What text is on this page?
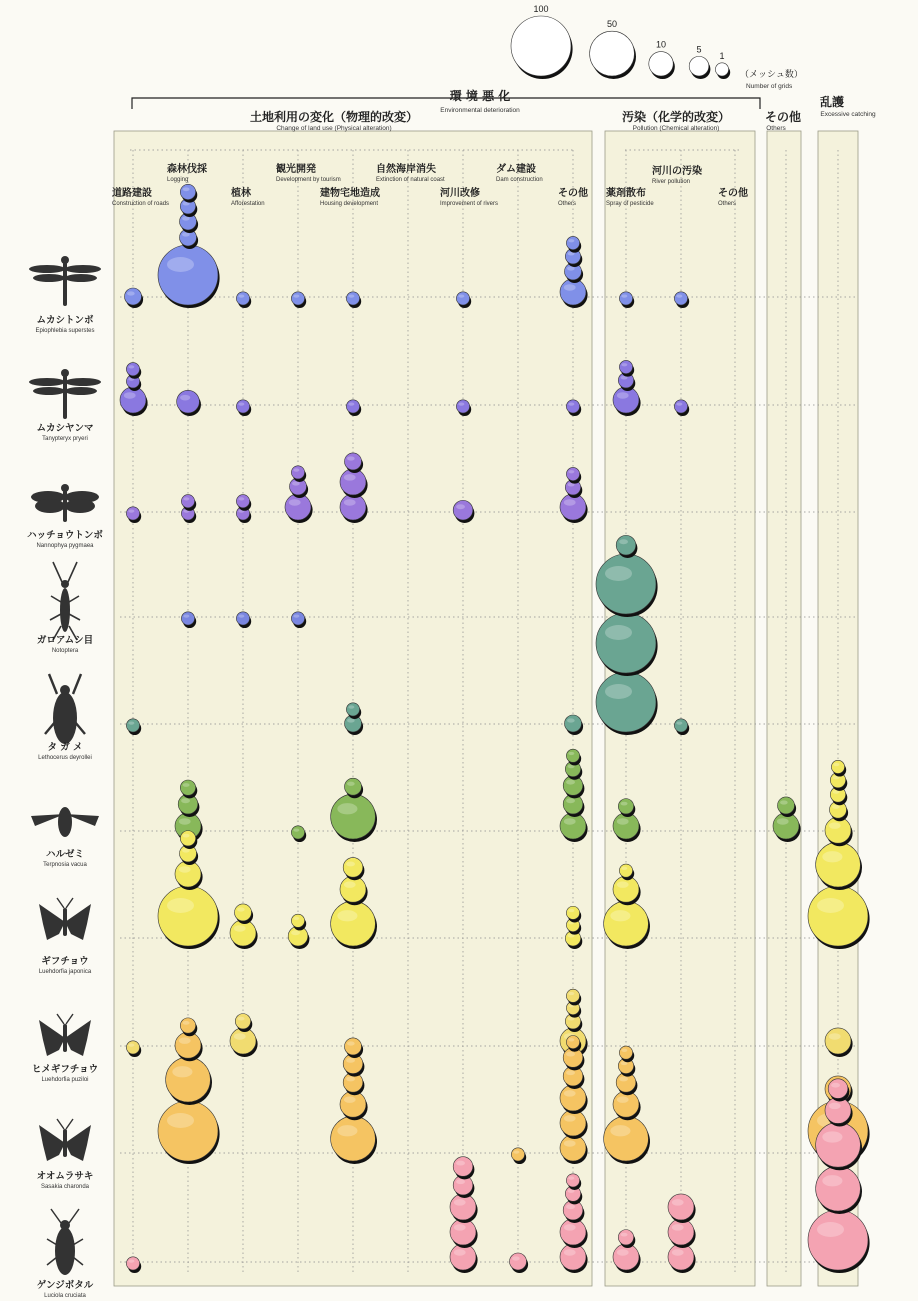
環 境 悪 化
Environmental deterioration
土地利用の変化（物理的改変）
Change of land use (Physical alteration)
汚染（化学的改変）
Pollution (Chemical alteration)
その他
Others
乱護
Excessive catching
道路建設
Construction of roads
森林伐採
Logging
植林
Afforestation
観光開発
Development by tourism
建物宅地造成
Housing development
自然海岸消失
Extinction of natural coast
河川改修
Improvement of rivers
ダム建設
Dam construction
その他
Others
薬剤散布
Spray of pesticide
河川の汚染
River pollution
その他
Others
100
50
10	5
1
（メッシュ数）
Number of grids
ムカシトンボ
Epiophlebia superstes
ムカシヤンマ
Tanypteryx pryeri
ハッチョウトンボ
Nannophya pygmaea
ガロアムシ目
Notoptera
タ ガ メ
Lethocerus deyrollei
ハルゼミ
Terpnosia vacua
ギフチョウ
Luehdorfia japonica
ヒメギフチョウ
Luehdorfia puziloi
オオムラサキ
Sasakia charonda
ゲンジボタル
Luciola cruciata
